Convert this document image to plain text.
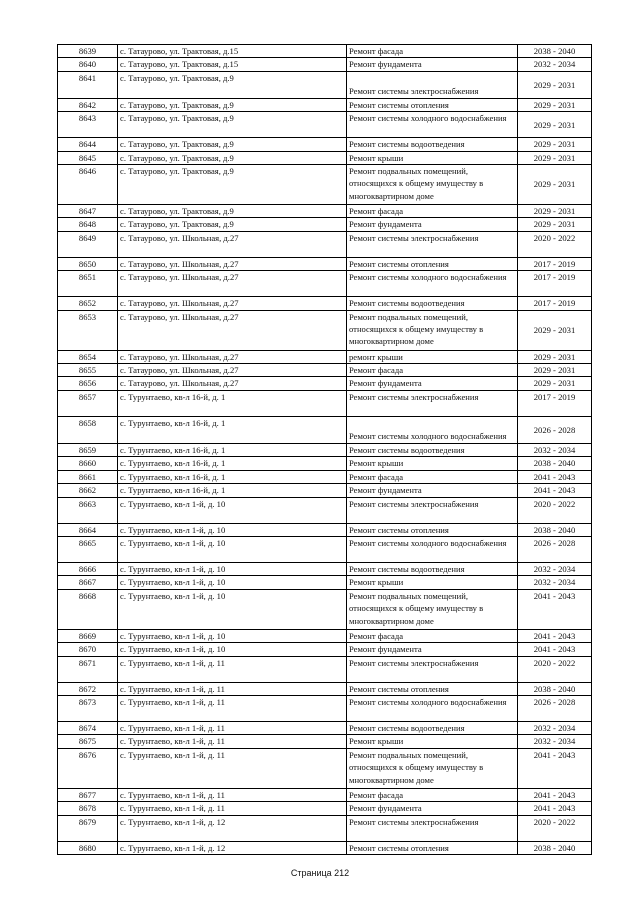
8639	с. Татаурово, ул. Трактовая, д.15	Ремонт фасада	2038 - 2040
8640	с. Татаурово, ул. Трактовая, д.15	Ремонт фундамента	2032 - 2034
8641	с. Татаурово, ул. Трактовая, д.9	Ремонт системы электроснабжения	2029 - 2031
8642	с. Татаурово, ул. Трактовая, д.9	Ремонт системы отопления	2029 - 2031
8643	с. Татаурово, ул. Трактовая, д.9	Ремонт системы холодного водоснабжения	2029 - 2031
8644	с. Татаурово, ул. Трактовая, д.9	Ремонт системы водоотведения	2029 - 2031
8645	с. Татаурово, ул. Трактовая, д.9	Ремонт крыши	2029 - 2031
8646	с. Татаурово, ул. Трактовая, д.9	Ремонт подвальных помещений, относящихся к общему имуществу в многоквартирном доме	2029 - 2031
8647	с. Татаурово, ул. Трактовая, д.9	Ремонт фасада	2029 - 2031
8648	с. Татаурово, ул. Трактовая, д.9	Ремонт фундамента	2029 - 2031
8649	с. Татаурово, ул. Школьная, д.27	Ремонт системы электроснабжения	2020 - 2022
8650	с. Татаурово, ул. Школьная, д.27	Ремонт системы отопления	2017 - 2019
8651	с. Татаурово, ул. Школьная, д.27	Ремонт системы холодного водоснабжения	2017 - 2019
8652	с. Татаурово, ул. Школьная, д.27	Ремонт системы водоотведения	2017 - 2019
8653	с. Татаурово, ул. Школьная, д.27	Ремонт подвальных помещений, относящихся к общему имуществу в многоквартирном доме	2029 - 2031
8654	с. Татаурово, ул. Школьная, д.27	ремонт крыши	2029 - 2031
8655	с. Татаурово, ул. Школьная, д.27	Ремонт фасада	2029 - 2031
8656	с. Татаурово, ул. Школьная, д.27	Ремонт фундамента	2029 - 2031
8657	с. Турунтаево, кв-л 16-й, д. 1	Ремонт системы электроснабжения	2017 - 2019
8658	с. Турунтаево, кв-л 16-й, д. 1	Ремонт системы холодного водоснабжения	2026 - 2028
8659	с. Турунтаево, кв-л 16-й, д. 1	Ремонт системы водоотведения	2032 - 2034
8660	с. Турунтаево, кв-л 16-й, д. 1	Ремонт крыши	2038 - 2040
8661	с. Турунтаево, кв-л 16-й, д. 1	Ремонт фасада	2041 - 2043
8662	с. Турунтаево, кв-л 16-й, д. 1	Ремонт фундамента	2041 - 2043
8663	с. Турунтаево, кв-л 1-й, д. 10	Ремонт системы электроснабжения	2020 - 2022
8664	с. Турунтаево, кв-л 1-й, д. 10	Ремонт системы отопления	2038 - 2040
8665	с. Турунтаево, кв-л 1-й, д. 10	Ремонт системы холодного водоснабжения	2026 - 2028
8666	с. Турунтаево, кв-л 1-й, д. 10	Ремонт системы водоотведения	2032 - 2034
8667	с. Турунтаево, кв-л 1-й, д. 10	Ремонт крыши	2032 - 2034
8668	с. Турунтаево, кв-л 1-й, д. 10	Ремонт подвальных помещений, относящихся к общему имуществу в многоквартирном доме	2041 - 2043
8669	с. Турунтаево, кв-л 1-й, д. 10	Ремонт фасада	2041 - 2043
8670	с. Турунтаево, кв-л 1-й, д. 10	Ремонт фундамента	2041 - 2043
8671	с. Турунтаево, кв-л 1-й, д. 11	Ремонт системы электроснабжения	2020 - 2022
8672	с. Турунтаево, кв-л 1-й, д. 11	Ремонт системы отопления	2038 - 2040
8673	с. Турунтаево, кв-л 1-й, д. 11	Ремонт системы холодного водоснабжения	2026 - 2028
8674	с. Турунтаево, кв-л 1-й, д. 11	Ремонт системы водоотведения	2032 - 2034
8675	с. Турунтаево, кв-л 1-й, д. 11	Ремонт крыши	2032 - 2034
8676	с. Турунтаево, кв-л 1-й, д. 11	Ремонт подвальных помещений, относящихся к общему имуществу в многоквартирном доме	2041 - 2043
8677	с. Турунтаево, кв-л 1-й, д. 11	Ремонт фасада	2041 - 2043
8678	с. Турунтаево, кв-л 1-й, д. 11	Ремонт фундамента	2041 - 2043
8679	с. Турунтаево, кв-л 1-й, д. 12	Ремонт системы электроснабжения	2020 - 2022
8680	с. Турунтаево, кв-л 1-й, д. 12	Ремонт системы отопления	2038 - 2040
Страница 212
